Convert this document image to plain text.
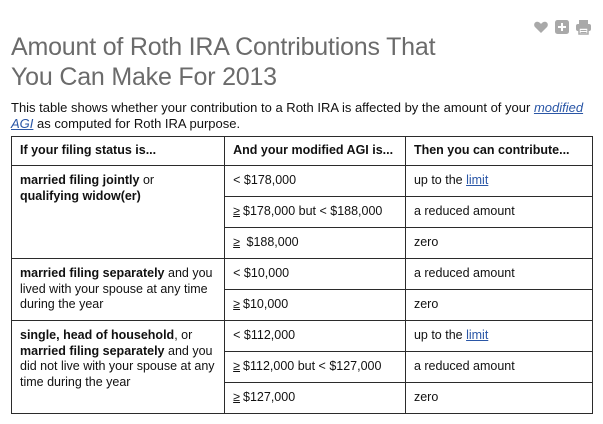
Amount of Roth IRA Contributions That You Can Make For 2013

This table shows whether your contribution to a Roth IRA is affected by the amount of your modified AGI as computed for Roth IRA purpose.

If your filing status is...	And your modified AGI is...	Then you can contribute...
married filing jointly or qualifying widow(er)	< $178,000	up to the limit
	≥ $178,000 but < $188,000	a reduced amount
	≥ $188,000	zero
married filing separately and you lived with your spouse at any time during the year	< $10,000	a reduced amount
	≥ $10,000	zero
single, head of household, or married filing separately and you did not live with your spouse at any time during the year	< $112,000	up to the limit
	≥ $112,000 but < $127,000	a reduced amount
	≥ $127,000	zero
